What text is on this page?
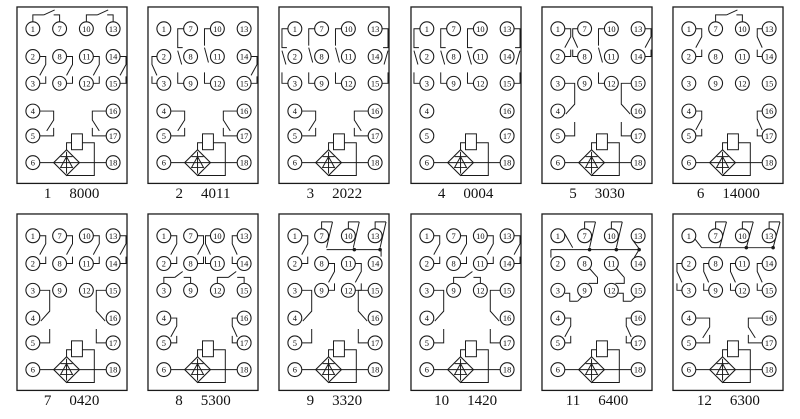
1	7 10 13
2	8 11 14
3	9 12 15
4	16
5	17
6	18
1 8000
1	7 10 13
2	8 11 14
3	9 12 15
4	16
5	17
6	18
2 4011
1	7 10 13
2	8 11 14
3	9 12 15
4	16
5	17
6	18
3 2022
1	7 10 13
2	8 11 14
3	9 12 15
4	16
5	17
6	18
4 0004
1	7 10 13
2	8 11 14
3	9 12 15
4	16
5	17
6	18
5 3030
1	7 10 13
2	8 11 14
3	9 12 15
4	16
5	17
6	18
6 14000
1	7 10 13
2	8 11 14
3	9 12 15
4	16
5	17
6	18
7 0420
1	7 10 13
2	8 11 14
3	9 12 15
4	16
5	17
6	18
8 5300
1	7 10 13
2	8 11 14
3	9 12 15
4	16
5	17
6	18
9 3320
1	7 10 13
2	8 11 14
3	9 12 15
4	16
5	17
6	18
10 1420
1	7 10 13
2	8 11 14
3	9 12 15
4	16
5	17
6	18
11 6400
1	7 10 13
2	8 11 14
3	9 12 15
4	16
5	17
6	18
12 6300
